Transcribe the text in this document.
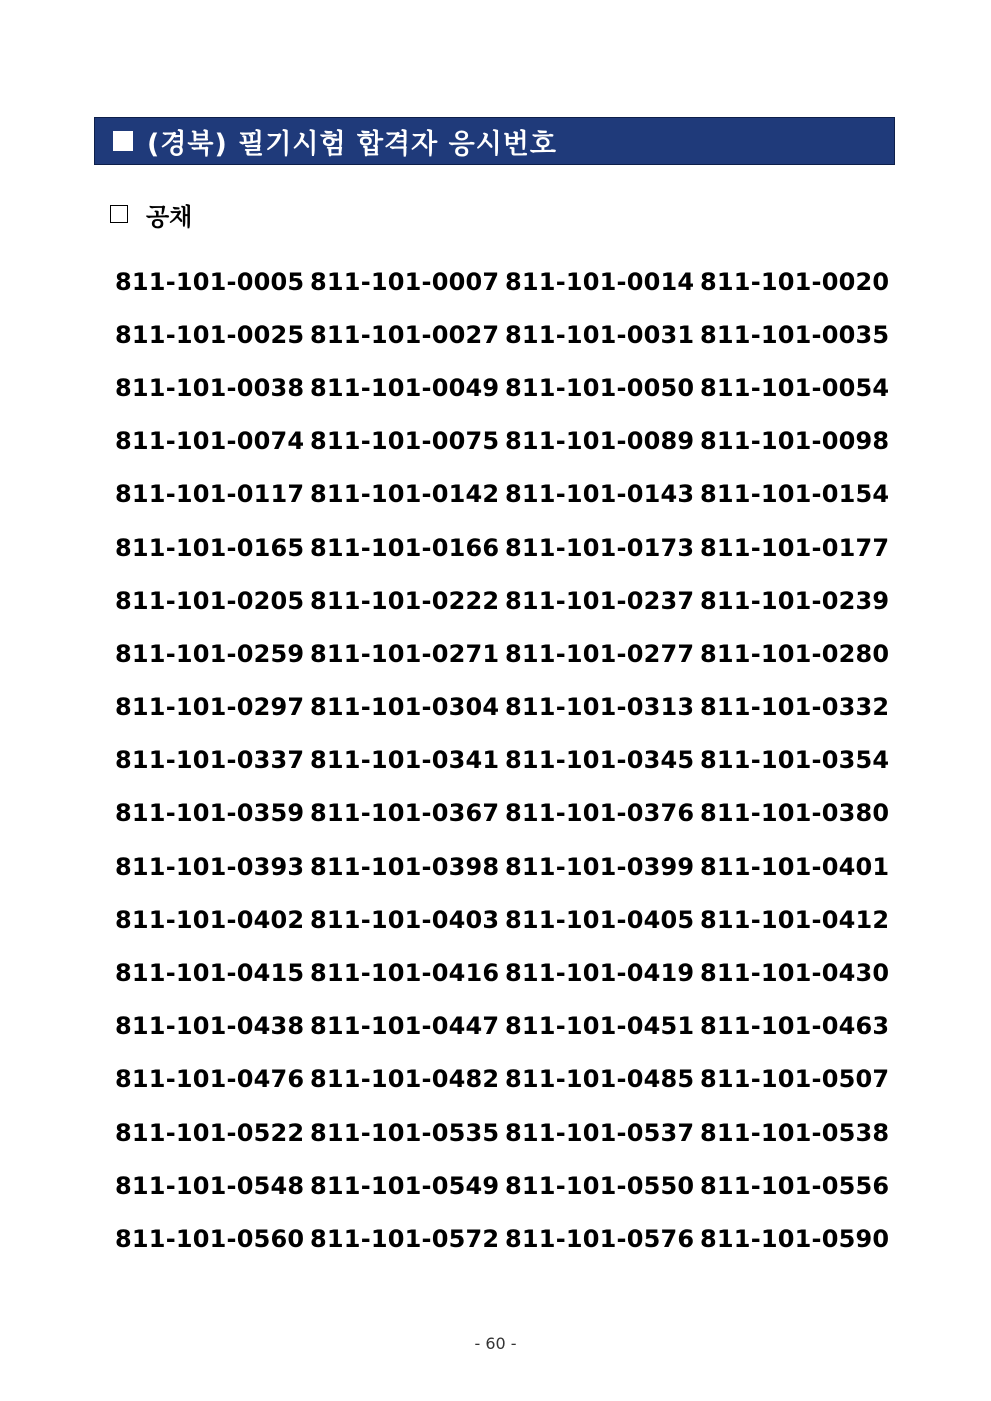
(경북) 필기시험 합격자 응시번호
공채
811-101-0005 811-101-0007 811-101-0014 811-101-0020
811-101-0025 811-101-0027 811-101-0031 811-101-0035
811-101-0038 811-101-0049 811-101-0050 811-101-0054
811-101-0074 811-101-0075 811-101-0089 811-101-0098
811-101-0117 811-101-0142 811-101-0143 811-101-0154
811-101-0165 811-101-0166 811-101-0173 811-101-0177
811-101-0205 811-101-0222 811-101-0237 811-101-0239
811-101-0259 811-101-0271 811-101-0277 811-101-0280
811-101-0297 811-101-0304 811-101-0313 811-101-0332
811-101-0337 811-101-0341 811-101-0345 811-101-0354
811-101-0359 811-101-0367 811-101-0376 811-101-0380
811-101-0393 811-101-0398 811-101-0399 811-101-0401
811-101-0402 811-101-0403 811-101-0405 811-101-0412
811-101-0415 811-101-0416 811-101-0419 811-101-0430
811-101-0438 811-101-0447 811-101-0451 811-101-0463
811-101-0476 811-101-0482 811-101-0485 811-101-0507
811-101-0522 811-101-0535 811-101-0537 811-101-0538
811-101-0548 811-101-0549 811-101-0550 811-101-0556
811-101-0560 811-101-0572 811-101-0576 811-101-0590
- 60 -
